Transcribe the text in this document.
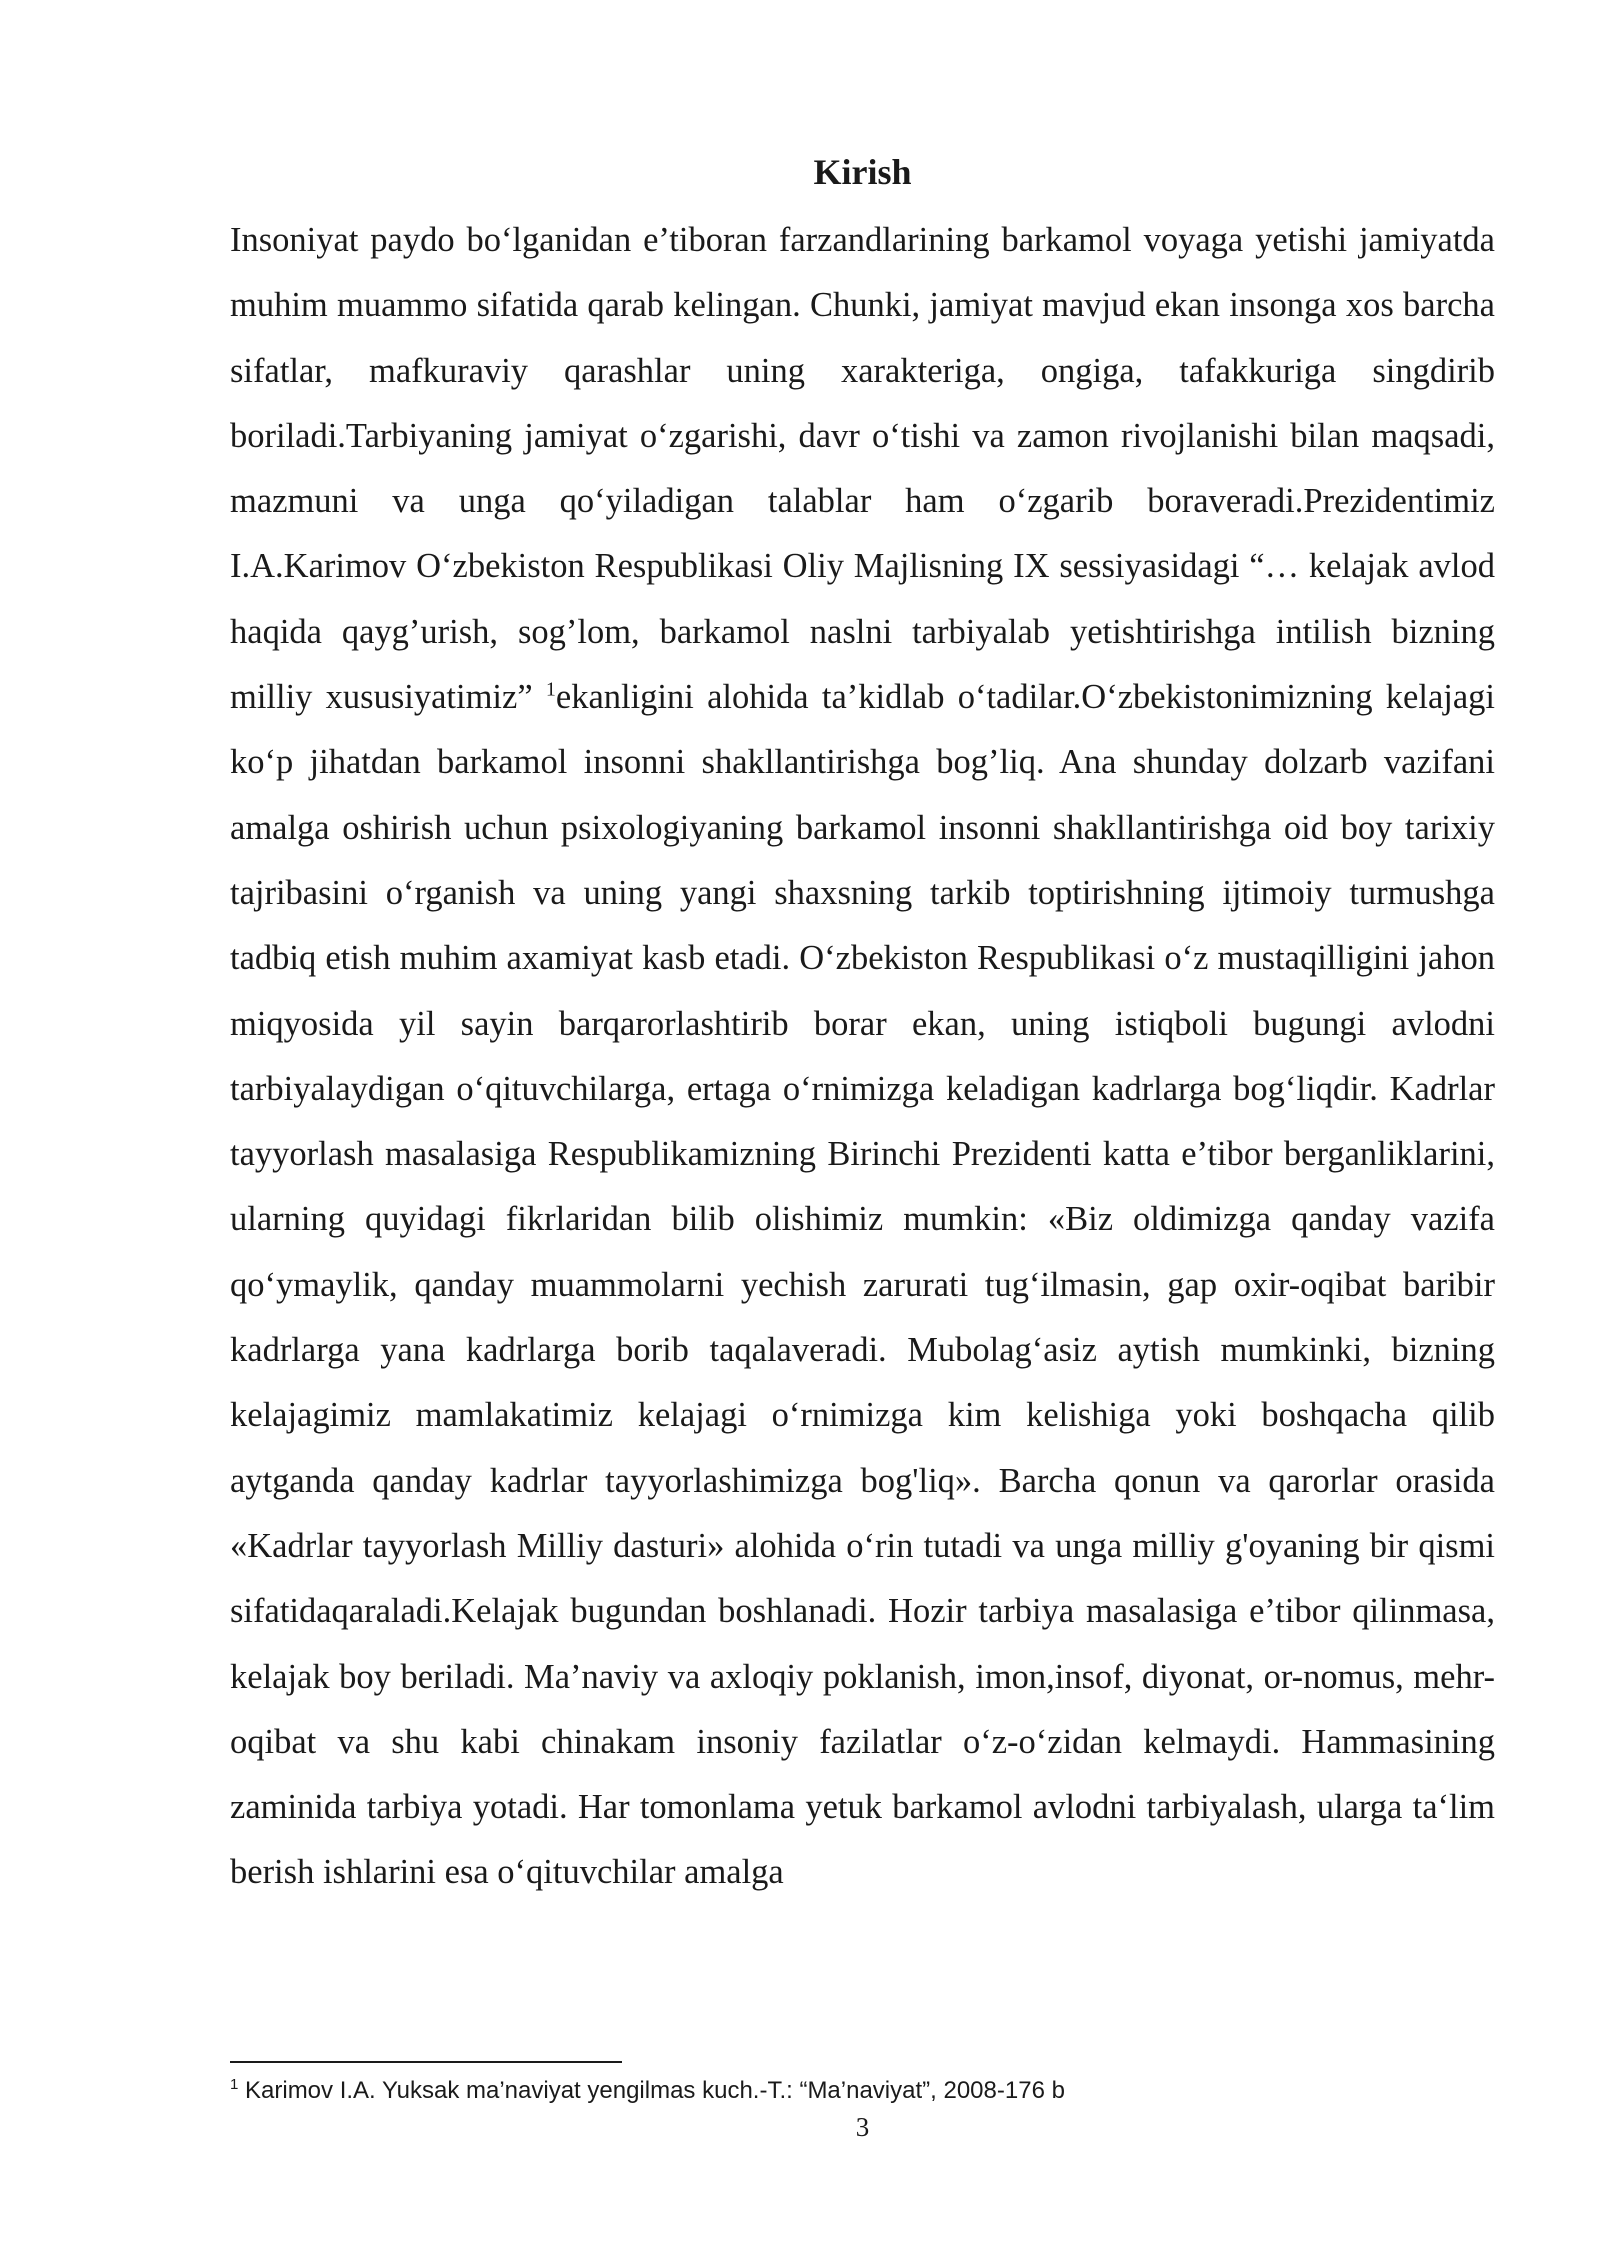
Kirish

Insoniyat paydo bo‘lganidan e’tiboran farzandlarining barkamol voyaga yetishi jamiyatda muhim muammo sifatida qarab kelingan. Chunki, jamiyat mavjud ekan insonga xos barcha sifatlar, mafkuraviy qarashlar uning xarakteriga, ongiga, tafakkuriga singdirib boriladi.Tarbiyaning jamiyat o‘zgarishi, davr o‘tishi va zamon rivojlanishi bilan maqsadi, mazmuni va unga qo‘yiladigan talablar ham o‘zgarib boraveradi.Prezidentimiz I.A.Karimov O‘zbekiston Respublikasi Oliy Majlisning IX sessiyasidagi “… kelajak avlod haqida qayg’urish, sog’lom, barkamol naslni tarbiyalab yetishtirishga intilish bizning milliy xususiyatimiz” $^1$ekanligini alohida ta’kidlab o‘tadilar.O‘zbekistonimizning kelajagi ko‘p jihatdan barkamol insonni shakllantirishga bog’liq. Ana shunday dolzarb vazifani amalga oshirish uchun psixologiyaning barkamol insonni shakllantirishga oid boy tarixiy tajribasini o‘rganish va uning yangi shaxsning tarkib toptirishning ijtimoiy turmushga tadbiq etish muhim axamiyat kasb etadi. O‘zbekiston Respublikasi o‘z mustaqilligini jahon miqyosida yil sayin barqarorlashtirib borar ekan, uning istiqboli bugungi avlodni tarbiyalaydigan o‘qituvchilarga, ertaga o‘rnimizga keladigan kadrlarga bog‘liqdir. Kadrlar tayyorlash masalasiga Respublikamizning Birinchi Prezidenti katta e’tibor berganliklarini, ularning quyidagi fikrlaridan bilib olishimiz mumkin: «Biz oldimizga qanday vazifa qo‘ymaylik, qanday muammolarni yechish zarurati tug‘ilmasin, gap oxir-oqibat baribir kadrlarga yana kadrlarga borib taqalaveradi. Mubolag‘asiz aytish mumkinki, bizning kelajagimiz mamlakatimiz kelajagi o‘rnimizga kim kelishiga yoki boshqacha qilib aytganda qanday kadrlar tayyorlashimizga bog'liq». Barcha qonun va qarorlar orasida «Kadrlar tayyorlash Milliy dasturi» alohida o‘rin tutadi va unga milliy g'oyaning bir qismi sifatidaqaraladi.Kelajak bugundan boshlanadi. Hozir tarbiya masalasiga e’tibor qilinmasa, kelajak boy beriladi. Ma’naviy va axloqiy poklanish, imon,insof, diyonat, or-nomus, mehr-oqibat va shu kabi chinakam insoniy fazilatlar o‘z-o‘zidan kelmaydi. Hammasining zaminida tarbiya yotadi. Har tomonlama yetuk barkamol avlodni tarbiyalash, ularga ta‘lim berish ishlarini esa o‘qituvchilar amalga

$^1$ Karimov I.A. Yuksak ma’naviyat yengilmas kuch.-T.: “Ma’naviyat”, 2008-176 b
3
